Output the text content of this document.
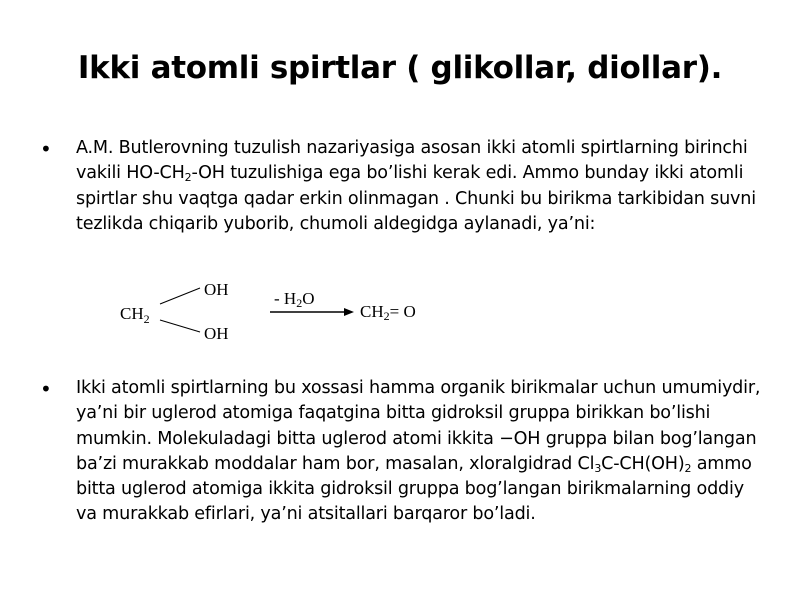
Ikki atomli spirtlar ( glikollar, diollar).
• A.M. Butlerovning tuzulish nazariyasiga asosan ikki atomli spirtlarning birinchi vakili $HO-CH_2-OH$ tuzulishiga ega bo’lishi kerak edi. Ammo bunday ikki atomli spirtlar shu vaqtga qadar erkin olinmagan . Chunki bu birikma tarkibidan suvni tezlikda chiqarib yuborib, chumoli aldegidga aylanadi, ya’ni:
$CH_2$
OH
OH
- H2O
CH2= O
• Ikki atomli spirtlarning bu xossasi hamma organik birikmalar uchun umumiydir, ya’ni bir uglerod atomiga faqatgina bitta gidroksil gruppa birikkan bo’lishi mumkin. Molekuladagi bitta uglerod atomi ikkita −OH gruppa bilan bog’langan ba’zi murakkab moddalar ham bor, masalan, xloralgidrad $Cl_3C-CH(OH)_2$ ammo bitta uglerod atomiga ikkita gidroksil gruppa bog’langan birikmalarning oddiy va murakkab efirlari, ya’ni atsitallari barqaror bo’ladi.
